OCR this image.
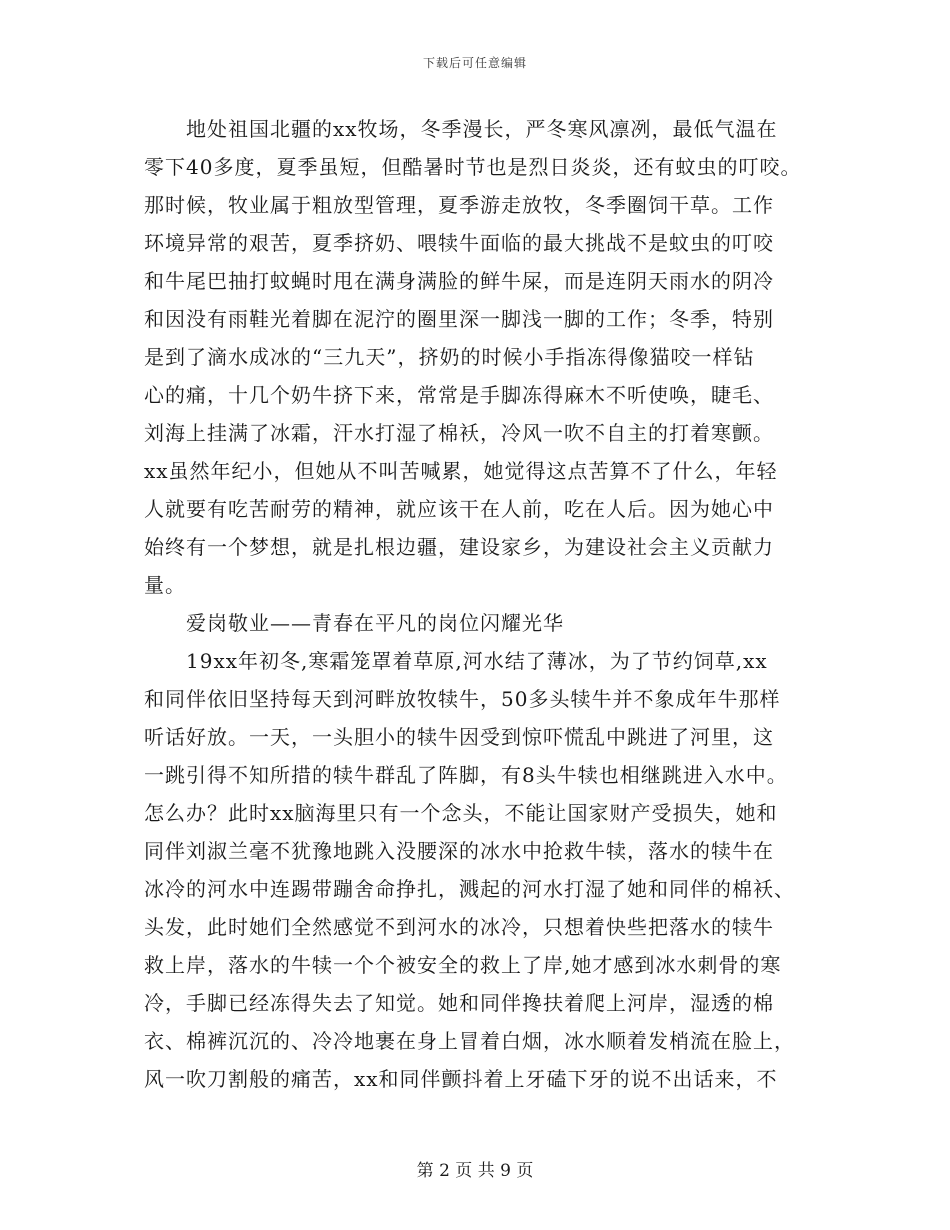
下载后可任意编辑
　　地处祖国北疆的xx牧场，冬季漫长，严冬寒风凛冽，最低气温在
零下40多度，夏季虽短，但酷暑时节也是烈日炎炎，还有蚊虫的叮咬。
那时候，牧业属于粗放型管理，夏季游走放牧，冬季圈饲干草。工作
环境异常的艰苦，夏季挤奶、喂犊牛面临的最大挑战不是蚊虫的叮咬
和牛尾巴抽打蚊蝇时甩在满身满脸的鲜牛屎，而是连阴天雨水的阴冷
和因没有雨鞋光着脚在泥泞的圈里深一脚浅一脚的工作；冬季，特别
是到了滴水成冰的“三九天”，挤奶的时候小手指冻得像猫咬一样钻
心的痛，十几个奶牛挤下来，常常是手脚冻得麻木不听使唤，睫毛、
刘海上挂满了冰霜，汗水打湿了棉袄，冷风一吹不自主的打着寒颤。
xx虽然年纪小，但她从不叫苦喊累，她觉得这点苦算不了什么，年轻
人就要有吃苦耐劳的精神，就应该干在人前，吃在人后。因为她心中
始终有一个梦想，就是扎根边疆，建设家乡，为建设社会主义贡献力
量。
　　爱岗敬业——青春在平凡的岗位闪耀光华
　　19xx年初冬,寒霜笼罩着草原,河水结了薄冰，为了节约饲草,xx
和同伴依旧坚持每天到河畔放牧犊牛，50多头犊牛并不象成年牛那样
听话好放。一天，一头胆小的犊牛因受到惊吓慌乱中跳进了河里，这
一跳引得不知所措的犊牛群乱了阵脚，有8头牛犊也相继跳进入水中。
怎么办？此时xx脑海里只有一个念头，不能让国家财产受损失，她和
同伴刘淑兰毫不犹豫地跳入没腰深的冰水中抢救牛犊，落水的犊牛在
冰冷的河水中连踢带蹦舍命挣扎，溅起的河水打湿了她和同伴的棉袄、
头发，此时她们全然感觉不到河水的冰冷，只想着快些把落水的犊牛
救上岸，落水的牛犊一个个被安全的救上了岸,她才感到冰水刺骨的寒
冷，手脚已经冻得失去了知觉。她和同伴搀扶着爬上河岸，湿透的棉
衣、棉裤沉沉的、冷冷地裹在身上冒着白烟，冰水顺着发梢流在脸上，
风一吹刀割般的痛苦，xx和同伴颤抖着上牙磕下牙的说不出话来，不
第 2 页 共 9 页
